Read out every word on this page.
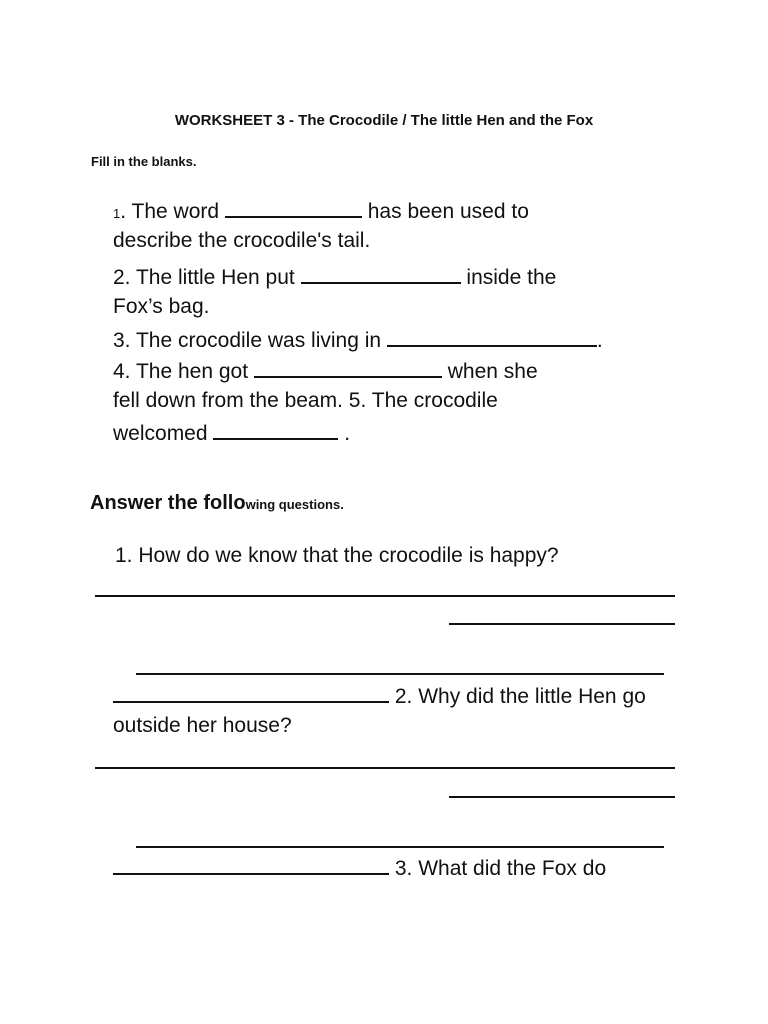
WORKSHEET 3 - The Crocodile / The little Hen and the Fox
Fill in the blanks.
1. The word	has been used to
describe the crocodile's tail.
2. The little Hen put	inside the
Fox’s bag.
3. The crocodile was living in	.
4. The hen got	when she
fell down from the beam. 5. The crocodile
welcomed	.
Answer the following questions.
1. How do we know that the crocodile is happy?
2. Why did the little Hen go
outside her house?
3. What did the Fox do
